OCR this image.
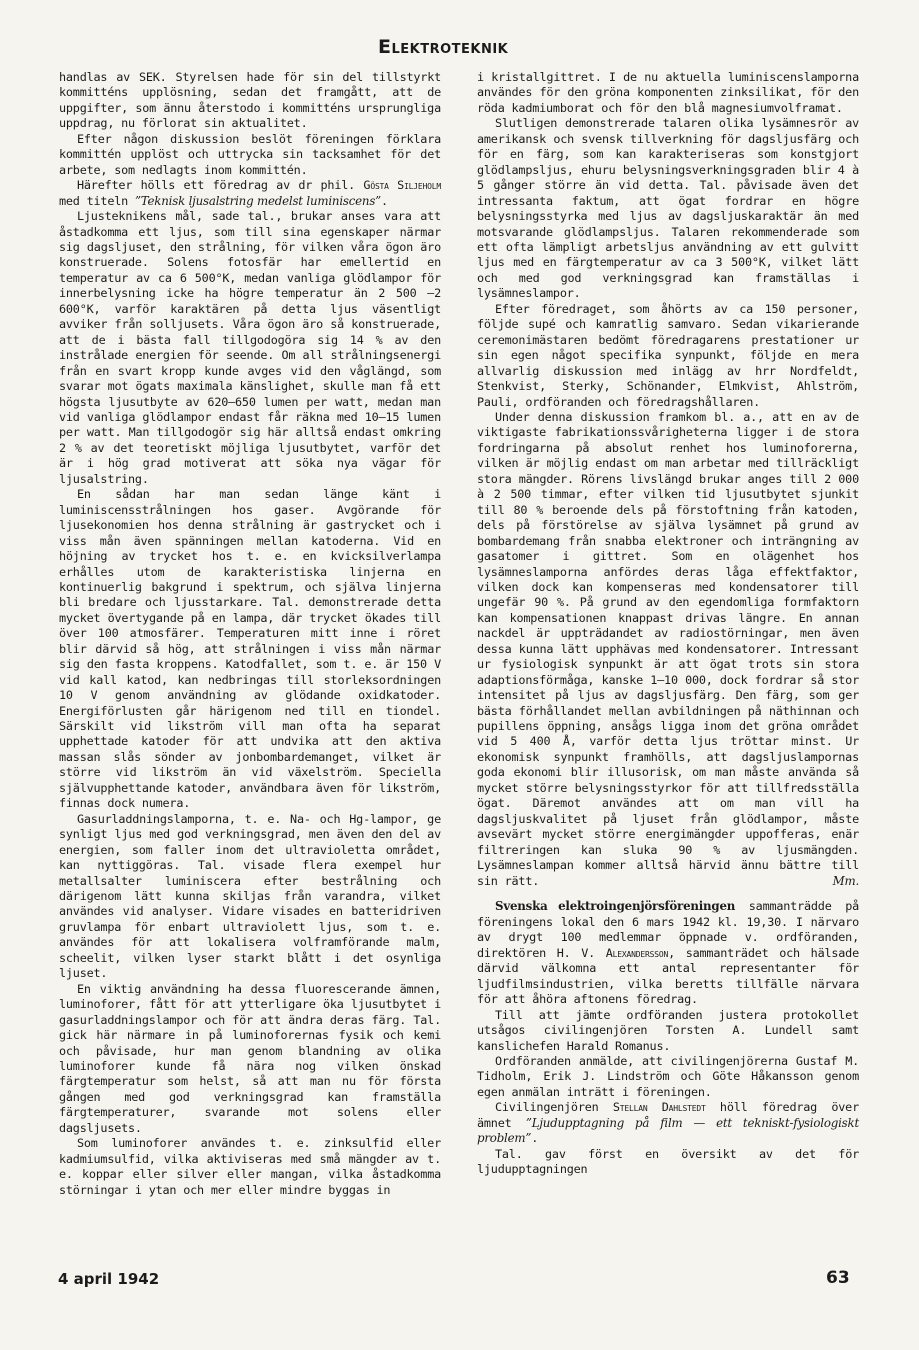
Elektroteknik

handlas av SEK. Styrelsen hade för sin del tillstyrkt kommitténs upplösning, sedan det framgått, att de uppgifter, som ännu återstodo i kommitténs ursprungliga uppdrag, nu förlorat sin aktualitet.

Efter någon diskussion beslöt föreningen förklara kommittén upplöst och uttrycka sin tacksamhet för det arbete, som nedlagts inom kommittén.

Härefter hölls ett föredrag av dr phil. Gösta Siljeholm med titeln ”Teknisk ljusalstring medelst luminiscens”.

Ljusteknikens mål, sade tal., brukar anses vara att åstadkomma ett ljus, som till sina egenskaper närmar sig dagsljuset, den strålning, för vilken våra ögon äro konstruerade. Solens fotosfär har emellertid en temperatur av ca 6 500°K, medan vanliga glödlampor för innerbelysning icke ha högre temperatur än 2 500 —2 600°K, varför karaktären på detta ljus väsentligt avviker från solljusets. Våra ögon äro så konstruerade, att de i bästa fall tillgodogöra sig 14 % av den instrålade energien för seende. Om all strålningsenergi från en svart kropp kunde avges vid den våglängd, som svarar mot ögats maximala känslighet, skulle man få ett högsta ljusutbyte av 620—650 lumen per watt, medan man vid vanliga glödlampor endast får räkna med 10—15 lumen per watt. Man tillgodogör sig här alltså endast omkring 2 % av det teoretiskt möjliga ljusutbytet, varför det är i hög grad motiverat att söka nya vägar för ljusalstring.

En sådan har man sedan länge känt i luminiscensstrålningen hos gaser. Avgörande för ljusekonomien hos denna strålning är gastrycket och i viss mån även spänningen mellan katoderna. Vid en höjning av trycket hos t. e. en kvicksilverlampa erhålles utom de karakteristiska linjerna en kontinuerlig bakgrund i spektrum, och själva linjerna bli bredare och ljusstarkare. Tal. demonstrerade detta mycket övertygande på en lampa, där trycket ökades till över 100 atmosfärer. Temperaturen mitt inne i röret blir därvid så hög, att strålningen i viss mån närmar sig den fasta kroppens. Katodfallet, som t. e. är 150 V vid kall katod, kan nedbringas till storleksordningen 10 V genom användning av glödande oxidkatoder. Energiförlusten går härigenom ned till en tiondel. Särskilt vid likström vill man ofta ha separat upphettade katoder för att undvika att den aktiva massan slås sönder av jonbombardemanget, vilket är större vid likström än vid växelström. Speciella självupphettande katoder, användbara även för likström, finnas dock numera.

Gasurladdningslamporna, t. e. Na- och Hg-lampor, ge synligt ljus med god verkningsgrad, men även den del av energien, som faller inom det ultravioletta området, kan nyttiggöras. Tal. visade flera exempel hur metallsalter luminiscera efter bestrålning och därigenom lätt kunna skiljas från varandra, vilket användes vid analyser. Vidare visades en batteridriven gruvlampa för enbart ultraviolett ljus, som t. e. användes för att lokalisera volframförande malm, scheelit, vilken lyser starkt blått i det osynliga ljuset.

En viktig användning ha dessa fluorescerande ämnen, luminoforer, fått för att ytterligare öka ljusutbytet i gasurladdningslampor och för att ändra deras färg. Tal. gick här närmare in på luminoforernas fysik och kemi och påvisade, hur man genom blandning av olika luminoforer kunde få nära nog vilken önskad färgtemperatur som helst, så att man nu för första gången med god verkningsgrad kan framställa färgtemperaturer, svarande mot solens eller dagsljusets.

Som luminoforer användes t. e. zinksulfid eller kadmiumsulfid, vilka aktiviseras med små mängder av t. e. koppar eller silver eller mangan, vilka åstadkomma störningar i ytan och mer eller mindre byggas in

i kristallgittret. I de nu aktuella luminiscenslamporna användes för den gröna komponenten zinksilikat, för den röda kadmiumborat och för den blå magnesiumvolframat.

Slutligen demonstrerade talaren olika lysämnesrör av amerikansk och svensk tillverkning för dagsljusfärg och för en färg, som kan karakteriseras som konstgjort glödlampsljus, ehuru belysningsverkningsgraden blir 4 à 5 gånger större än vid detta. Tal. påvisade även det intressanta faktum, att ögat fordrar en högre belysningsstyrka med ljus av dagsljuskaraktär än med motsvarande glödlampsljus. Talaren rekommenderade som ett ofta lämpligt arbetsljus användning av ett gulvitt ljus med en färgtemperatur av ca 3 500°K, vilket lätt och med god verkningsgrad kan framställas i lysämneslampor.

Efter föredraget, som åhörts av ca 150 personer, följde supé och kamratlig samvaro. Sedan vikarierande ceremonimästaren bedömt föredragarens prestationer ur sin egen något specifika synpunkt, följde en mera allvarlig diskussion med inlägg av hrr Nordfeldt, Stenkvist, Sterky, Schönander, Elmkvist, Ahlström, Pauli, ordföranden och föredragshållaren.

Under denna diskussion framkom bl. a., att en av de viktigaste fabrikationssvårigheterna ligger i de stora fordringarna på absolut renhet hos luminoforerna, vilken är möjlig endast om man arbetar med tillräckligt stora mängder. Rörens livslängd brukar anges till 2 000 à 2 500 timmar, efter vilken tid ljusutbytet sjunkit till 80 % beroende dels på förstoftning från katoden, dels på förstörelse av själva lysämnet på grund av bombardemang från snabba elektroner och inträngning av gasatomer i gittret. Som en olägenhet hos lysämneslamporna anfördes deras låga effektfaktor, vilken dock kan kompenseras med kondensatorer till ungefär 90 %. På grund av den egendomliga formfaktorn kan kompensationen knappast drivas längre. En annan nackdel är uppträdandet av radiostörningar, men även dessa kunna lätt upphävas med kondensatorer. Intressant ur fysiologisk synpunkt är att ögat trots sin stora adaptionsförmåga, kanske 1—10 000, dock fordrar så stor intensitet på ljus av dagsljusfärg. Den färg, som ger bästa förhållandet mellan avbildningen på näthinnan och pupillens öppning, ansågs ligga inom det gröna området vid 5 400 Å, varför detta ljus tröttar minst. Ur ekonomisk synpunkt framhölls, att dagsljuslampornas goda ekonomi blir illusorisk, om man måste använda så mycket större belysningsstyrkor för att tillfredsställa ögat. Däremot användes att om man vill ha dagsljuskvalitet på ljuset från glödlampor, måste avsevärt mycket större energimängder uppofferas, enär filtreringen kan sluka 90 % av ljusmängden. Lysämneslampan kommer alltså härvid ännu bättre till sin rätt.	Mm.

Svenska elektroingenjörsföreningen sammanträdde på föreningens lokal den 6 mars 1942 kl. 19,30. I närvaro av drygt 100 medlemmar öppnade v. ordföranden, direktören H. V. Alexandersson, sammanträdet och hälsade därvid välkomna ett antal representanter för ljudfilmsindustrien, vilka beretts tillfälle närvara för att åhöra aftonens föredrag.

Till att jämte ordföranden justera protokollet utsågos civilingenjören Torsten A. Lundell samt kanslichefen Harald Romanus.

Ordföranden anmälde, att civilingenjörerna Gustaf M. Tidholm, Erik J. Lindström och Göte Håkansson genom egen anmälan inträtt i föreningen.

Civilingenjören Stellan Dahlstedt höll föredrag över ämnet ”Ljudupptagning på film — ett tekniskt-fysiologiskt problem”.

Tal. gav först en översikt av det för ljudupptagningen

4 april 1942	63
